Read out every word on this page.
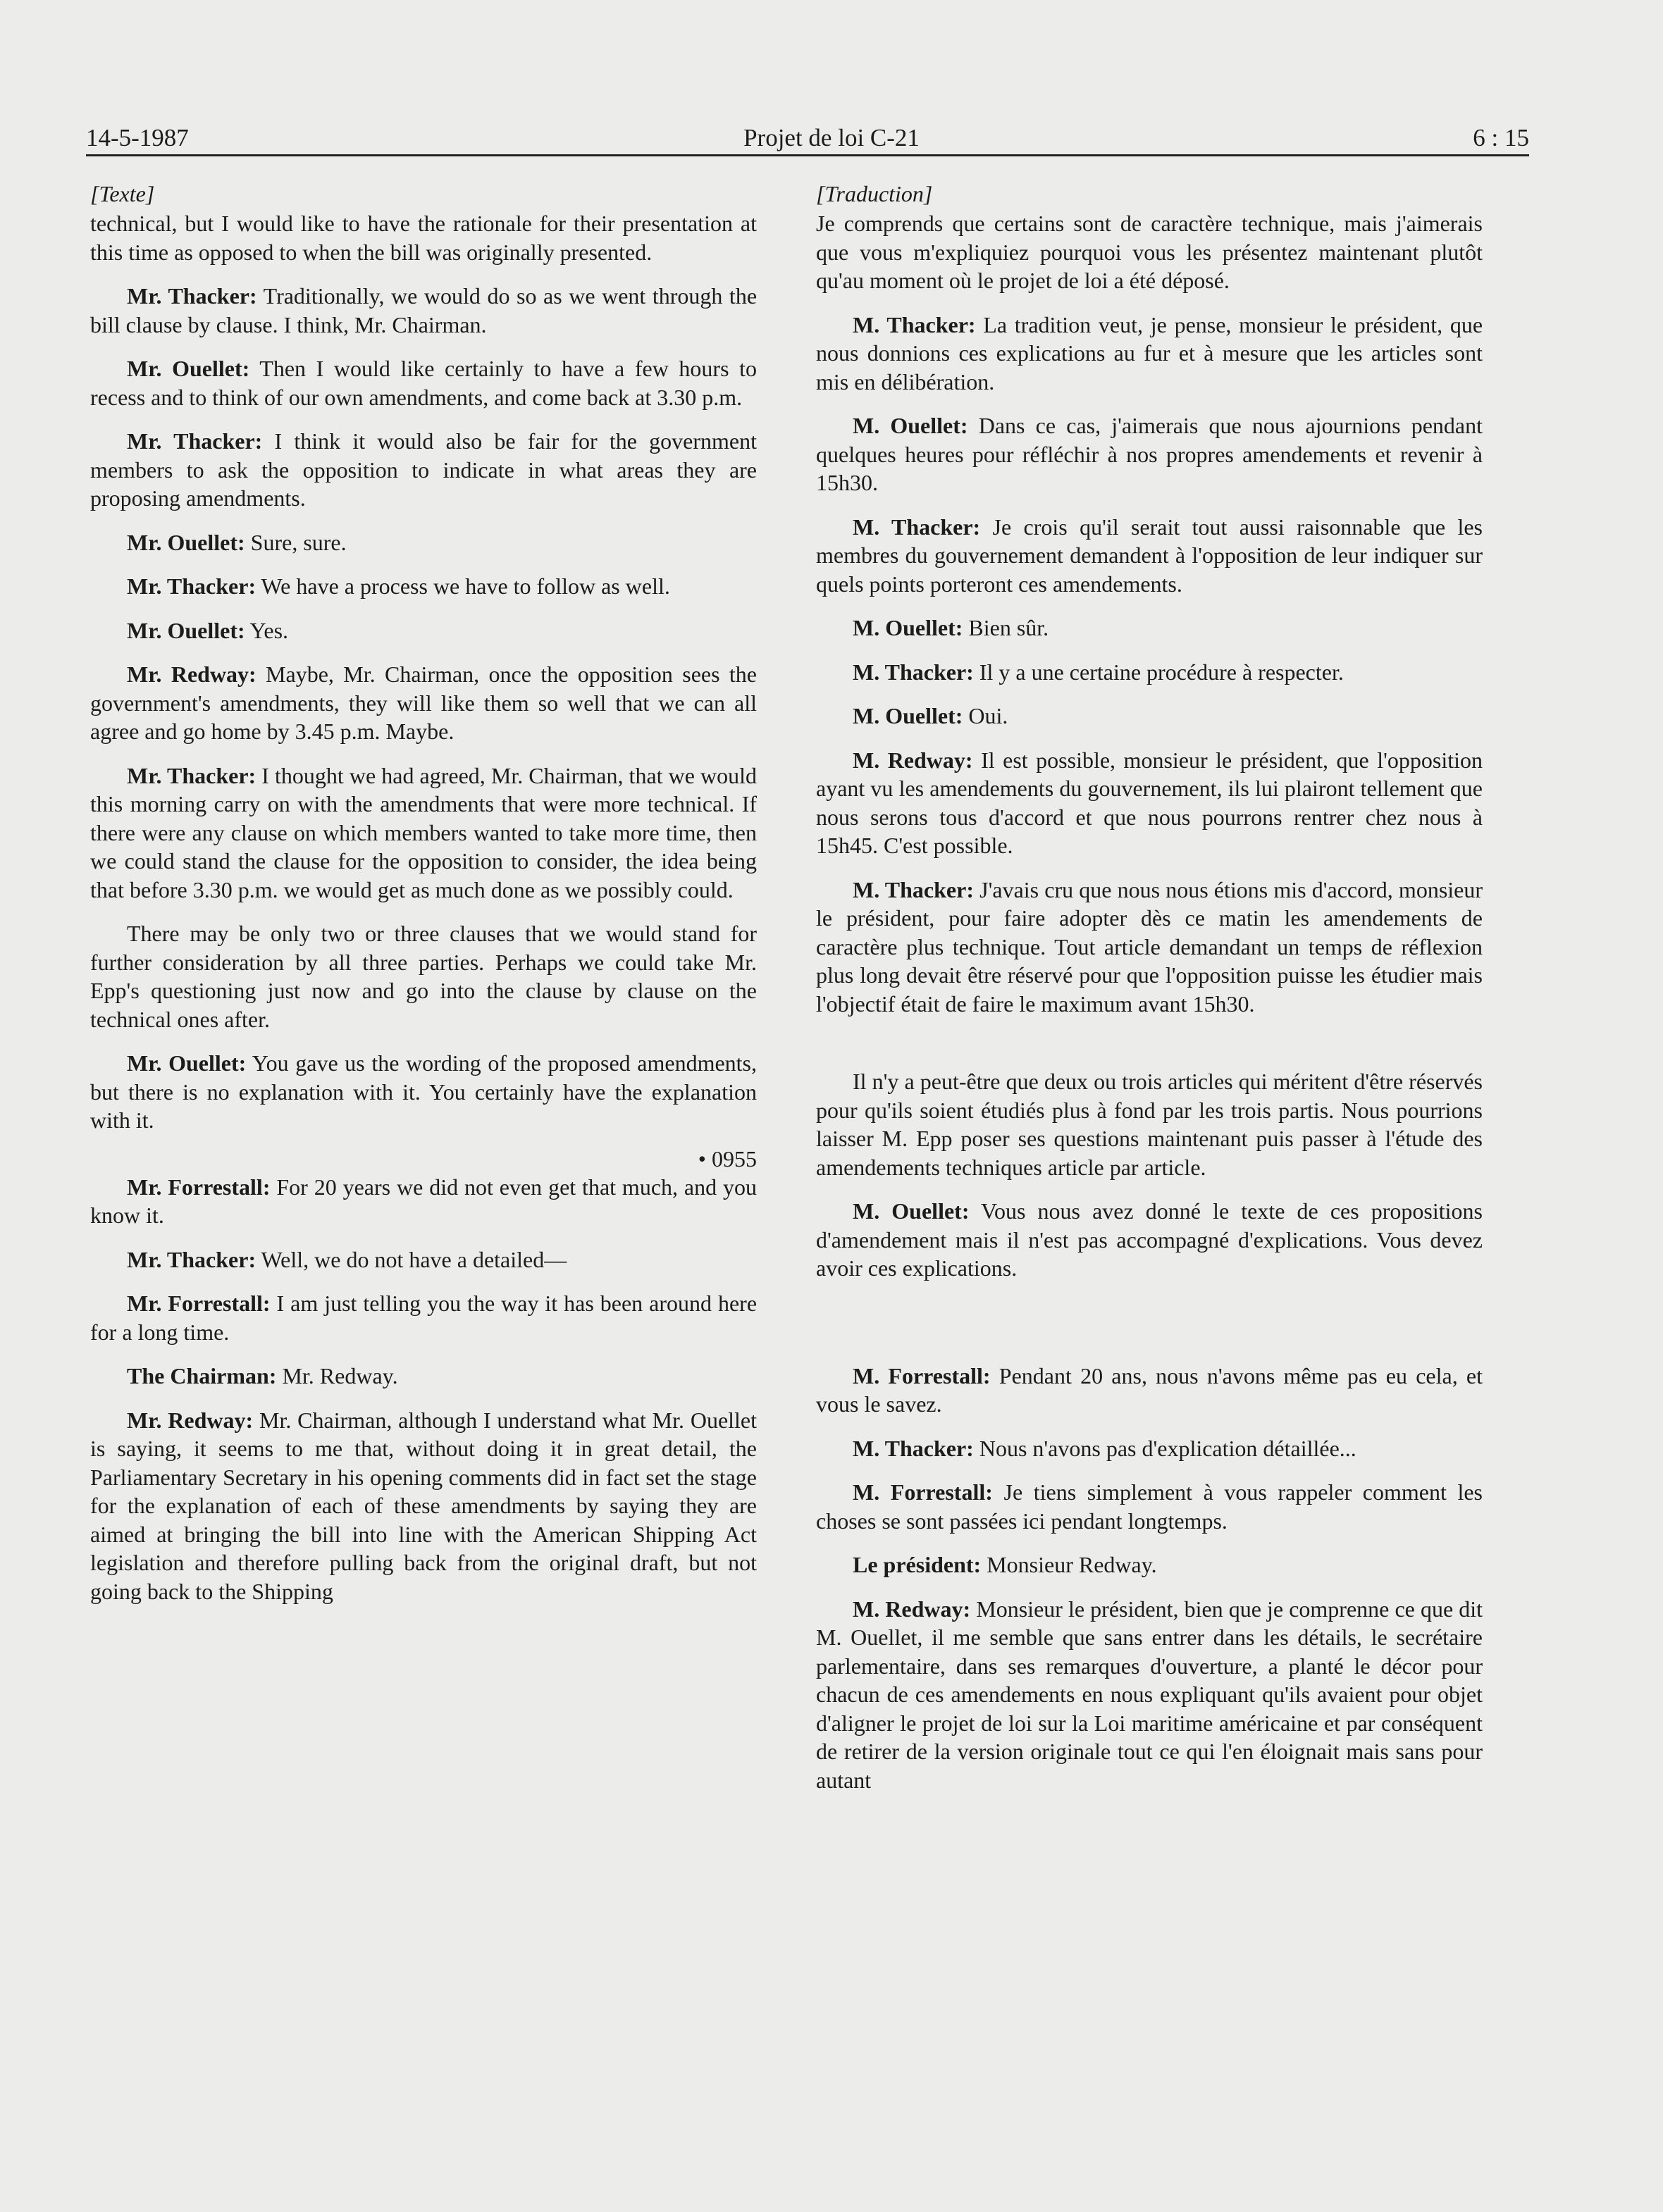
14-5-1987	Projet de loi C-21	6 : 15
[Texte]

technical, but I would like to have the rationale for their presentation at this time as opposed to when the bill was originally presented.

Mr. Thacker: Traditionally, we would do so as we went through the bill clause by clause. I think, Mr. Chairman.

Mr. Ouellet: Then I would like certainly to have a few hours to recess and to think of our own amendments, and come back at 3.30 p.m.

Mr. Thacker: I think it would also be fair for the government members to ask the opposition to indicate in what areas they are proposing amendments.

Mr. Ouellet: Sure, sure.

Mr. Thacker: We have a process we have to follow as well.

Mr. Ouellet: Yes.

Mr. Redway: Maybe, Mr. Chairman, once the opposition sees the government's amendments, they will like them so well that we can all agree and go home by 3.45 p.m. Maybe.

Mr. Thacker: I thought we had agreed, Mr. Chairman, that we would this morning carry on with the amendments that were more technical. If there were any clause on which members wanted to take more time, then we could stand the clause for the opposition to consider, the idea being that before 3.30 p.m. we would get as much done as we possibly could.

There may be only two or three clauses that we would stand for further consideration by all three parties. Perhaps we could take Mr. Epp's questioning just now and go into the clause by clause on the technical ones after.

Mr. Ouellet: You gave us the wording of the proposed amendments, but there is no explanation with it. You certainly have the explanation with it.

• 0955

Mr. Forrestall: For 20 years we did not even get that much, and you know it.

Mr. Thacker: Well, we do not have a detailed—

Mr. Forrestall: I am just telling you the way it has been around here for a long time.

The Chairman: Mr. Redway.

Mr. Redway: Mr. Chairman, although I understand what Mr. Ouellet is saying, it seems to me that, without doing it in great detail, the Parliamentary Secretary in his opening comments did in fact set the stage for the explanation of each of these amendments by saying they are aimed at bringing the bill into line with the American Shipping Act legislation and therefore pulling back from the original draft, but not going back to the Shipping

[Traduction]

Je comprends que certains sont de caractère technique, mais j'aimerais que vous m'expliquiez pourquoi vous les présentez maintenant plutôt qu'au moment où le projet de loi a été déposé.

M. Thacker: La tradition veut, je pense, monsieur le président, que nous donnions ces explications au fur et à mesure que les articles sont mis en délibération.

M. Ouellet: Dans ce cas, j'aimerais que nous ajournions pendant quelques heures pour réfléchir à nos propres amendements et revenir à 15h30.

M. Thacker: Je crois qu'il serait tout aussi raisonnable que les membres du gouvernement demandent à l'opposition de leur indiquer sur quels points porteront ces amendements.

M. Ouellet: Bien sûr.

M. Thacker: Il y a une certaine procédure à respecter.

M. Ouellet: Oui.

M. Redway: Il est possible, monsieur le président, que l'opposition ayant vu les amendements du gouvernement, ils lui plairont tellement que nous serons tous d'accord et que nous pourrons rentrer chez nous à 15h45. C'est possible.

M. Thacker: J'avais cru que nous nous étions mis d'accord, monsieur le président, pour faire adopter dès ce matin les amendements de caractère plus technique. Tout article demandant un temps de réflexion plus long devait être réservé pour que l'opposition puisse les étudier mais l'objectif était de faire le maximum avant 15h30.

Il n'y a peut-être que deux ou trois articles qui méritent d'être réservés pour qu'ils soient étudiés plus à fond par les trois partis. Nous pourrions laisser M. Epp poser ses questions maintenant puis passer à l'étude des amendements techniques article par article.

M. Ouellet: Vous nous avez donné le texte de ces propositions d'amendement mais il n'est pas accompagné d'explications. Vous devez avoir ces explications.

M. Forrestall: Pendant 20 ans, nous n'avons même pas eu cela, et vous le savez.

M. Thacker: Nous n'avons pas d'explication détaillée...

M. Forrestall: Je tiens simplement à vous rappeler comment les choses se sont passées ici pendant longtemps.

Le président: Monsieur Redway.

M. Redway: Monsieur le président, bien que je comprenne ce que dit M. Ouellet, il me semble que sans entrer dans les détails, le secrétaire parlementaire, dans ses remarques d'ouverture, a planté le décor pour chacun de ces amendements en nous expliquant qu'ils avaient pour objet d'aligner le projet de loi sur la Loi maritime américaine et par conséquent de retirer de la version originale tout ce qui l'en éloignait mais sans pour autant
